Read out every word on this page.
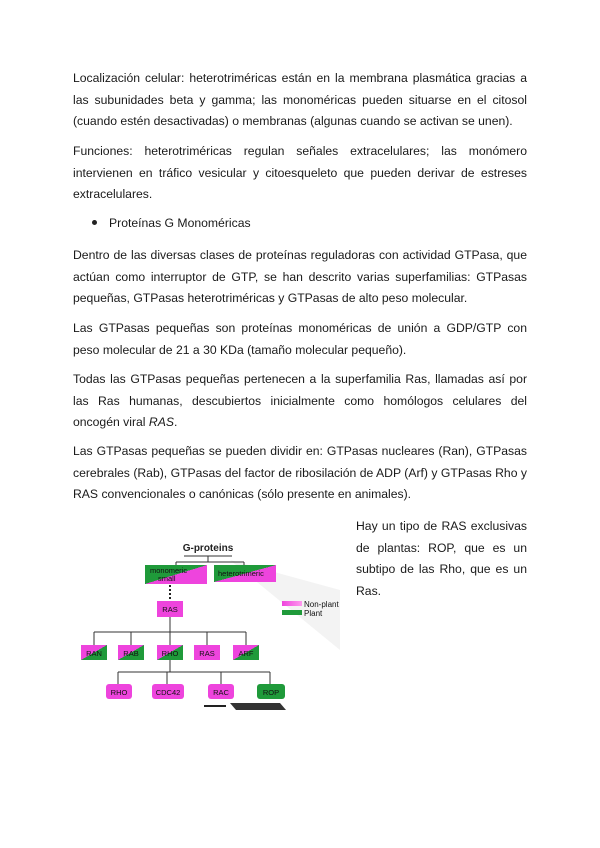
Localización celular: heterotriméricas están en la membrana plasmática gracias a las subunidades beta y gamma; las monoméricas pueden situarse en el citosol (cuando estén desactivadas) o membranas (algunas cuando se activan se unen).

Funciones: heterotriméricas regulan señales extracelulares; las monómero intervienen en tráfico vesicular y citoesqueleto que pueden derivar de estreses extracelulares.

Proteínas G Monoméricas

Dentro de las diversas clases de proteínas reguladoras con actividad GTPasa, que actúan como interruptor de GTP, se han descrito varias superfamilias: GTPasas pequeñas, GTPasas heterotriméricas y GTPasas de alto peso molecular.

Las GTPasas pequeñas son proteínas monoméricas de unión a GDP/GTP con peso molecular de 21 a 30 KDa (tamaño molecular pequeño).

Todas las GTPasas pequeñas pertenecen a la superfamilia Ras, llamadas así por las Ras humanas, descubiertos inicialmente como homólogos celulares del oncogén viral RAS.

Las GTPasas pequeñas se pueden dividir en: GTPasas nucleares (Ran), GTPasas cerebrales (Rab), GTPasas del factor de ribosilación de ADP (Arf) y GTPasas Rho y RAS convencionales o canónicas (sólo presente en animales).

Hay un tipo de RAS exclusivas de plantas: ROP, que es un subtipo de las Rho, que es un Ras.

G-proteins
monomeric
small
heterotrimeric
RAS
Non-plant
Plant
RAN	RAB	RHO	RAS	ARF
RHO	CDC42	RAC	ROP
